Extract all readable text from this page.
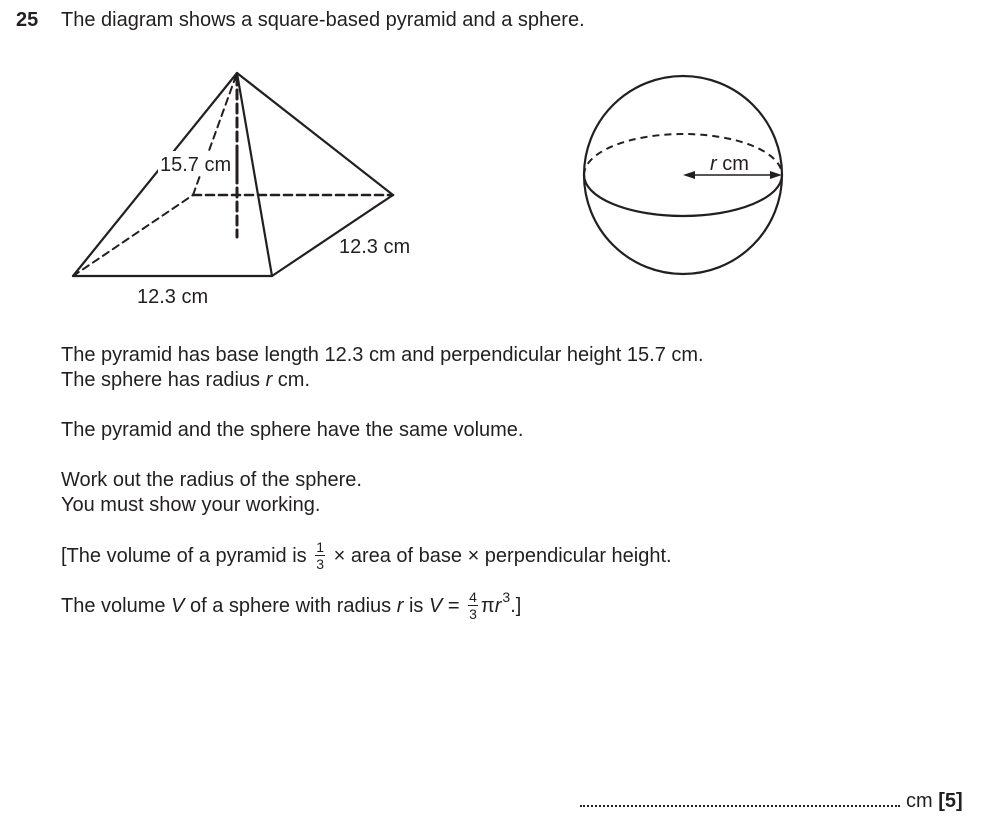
25 The diagram shows a square-based pyramid and a sphere.
15.7 cm
12.3 cm
12.3 cm
r cm
The pyramid has base length 12.3 cm and perpendicular height 15.7 cm.
The sphere has radius r cm.
The pyramid and the sphere have the same volume.
Work out the radius of the sphere.
You must show your working.
[The volume of a pyramid is $\frac{1}{3}$ × area of base × perpendicular height.
The volume V of a sphere with radius r is $V = \frac{4}{3} \pi r^3$.]
cm [5]
